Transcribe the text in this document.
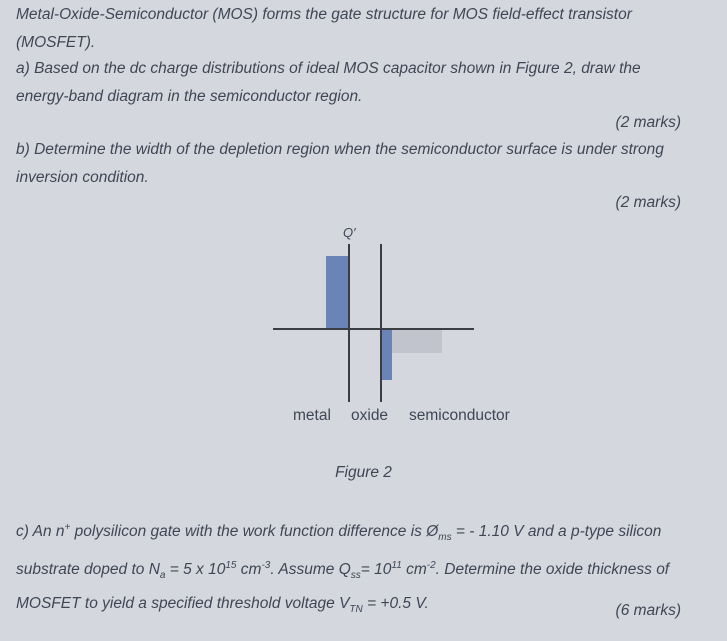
Metal-Oxide-Semiconductor (MOS) forms the gate structure for MOS field-effect transistor
(MOSFET).

a) Based on the dc charge distributions of ideal MOS capacitor shown in Figure 2, draw the
energy-band diagram in the semiconductor region.

(2 marks)

b) Determine the width of the depletion region when the semiconductor surface is under strong
inversion condition.

(2 marks)
Q′
metal oxide semiconductor
Figure 2

c) An n+ polysilicon gate with the work function difference is $Ø_{ms}$ = - 1.10 V and a p-type silicon
substrate doped to $N_a = 5$ x $10^{15}$ $cm^{-3}$. Assume $Q_{ss}= 10^{11}$ $cm^{-2}$. Determine the oxide thickness of
MOSFET to yield a specified threshold voltage $V_{TN} = +0.5$ V.	(6 marks)
